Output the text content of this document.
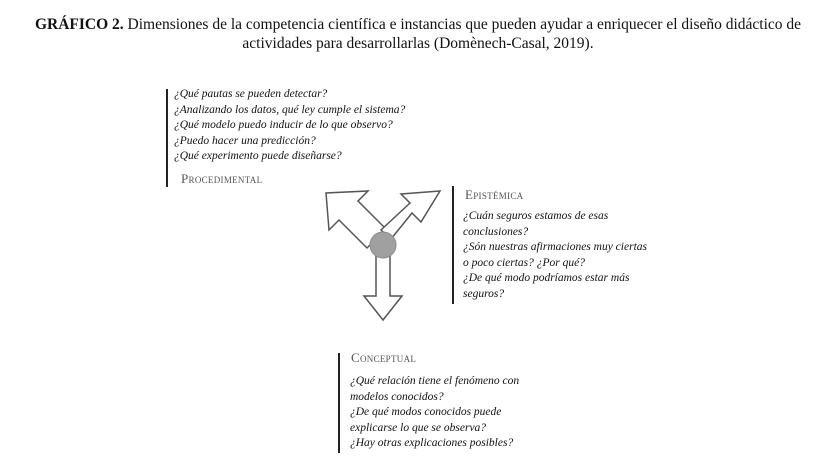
GRÁFICO 2. Dimensiones de la competencia científica e instancias que pueden ayudar a enriquecer el diseño didáctico de actividades para desarrollarlas (Domènech-Casal, 2019).
¿Qué pautas se pueden detectar?
¿Analizando los datos, qué ley cumple el sistema?
¿Qué modelo puedo inducir de lo que observo?
¿Puedo hacer una predicción?
¿Qué experimento puede diseñarse?
Procedimental
Epistémica
¿Cuán seguros estamos de esas
conclusiones?
¿Són nuestras afirmaciones muy ciertas
o poco ciertas? ¿Por qué?
¿De qué modo podríamos estar más
seguros?
Conceptual
¿Qué relación tiene el fenómeno con
modelos conocidos?
¿De qué modos conocidos puede
explicarse lo que se observa?
¿Hay otras explicaciones posibles?
